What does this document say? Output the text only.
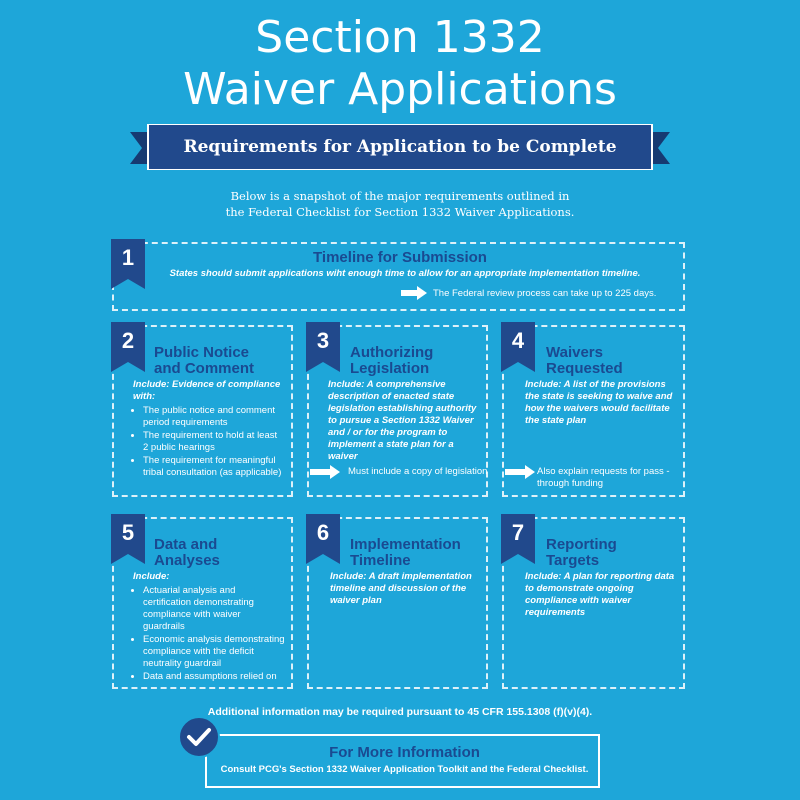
Section 1332
Waiver Applications
Requirements for Application to be Complete
Below is a snapshot of the major requirements outlined in
the Federal Checklist for Section 1332 Waiver Applications.
1	Timeline for Submission
States should submit applications wiht enough time to allow for an appropriate implementation timeline.
The Federal review process can take up to 225 days.
2	Public Notice
and Comment
Include: Evidence of compliance with:
• The public notice and comment period requirements
• The requirement to hold at least 2 public hearings
• The requirement for meaningful tribal consultation (as applicable)
3	Authorizing
Legislation
Include: A comprehensive description of enacted state legislation establishing authority to pursue a Section 1332 Waiver and / or for the program to implement a state plan for a waiver
Must include a copy of legislation
4	Waivers
Requested
Include: A list of the provisions the state is seeking to waive and how the waivers would facilitate the state plan
Also explain requests for pass -through funding
5	Data and
Analyses
Include:
• Actuarial analysis and certification demonstrating compliance with waiver guardrails
• Economic analysis demonstrating compliance with the deficit neutrality guardrail
• Data and assumptions relied on
6	Implementation
Timeline
Include: A draft implementation timeline and discussion of the waiver plan
7	Reporting
Targets
Include: A plan for reporting data to demonstrate ongoing compliance with waiver requirements
Additional information may be required pursuant to 45 CFR 155.1308 (f)(v)(4).
For More Information
Consult PCG's Section 1332 Waiver Application Toolkit and the Federal Checklist.
